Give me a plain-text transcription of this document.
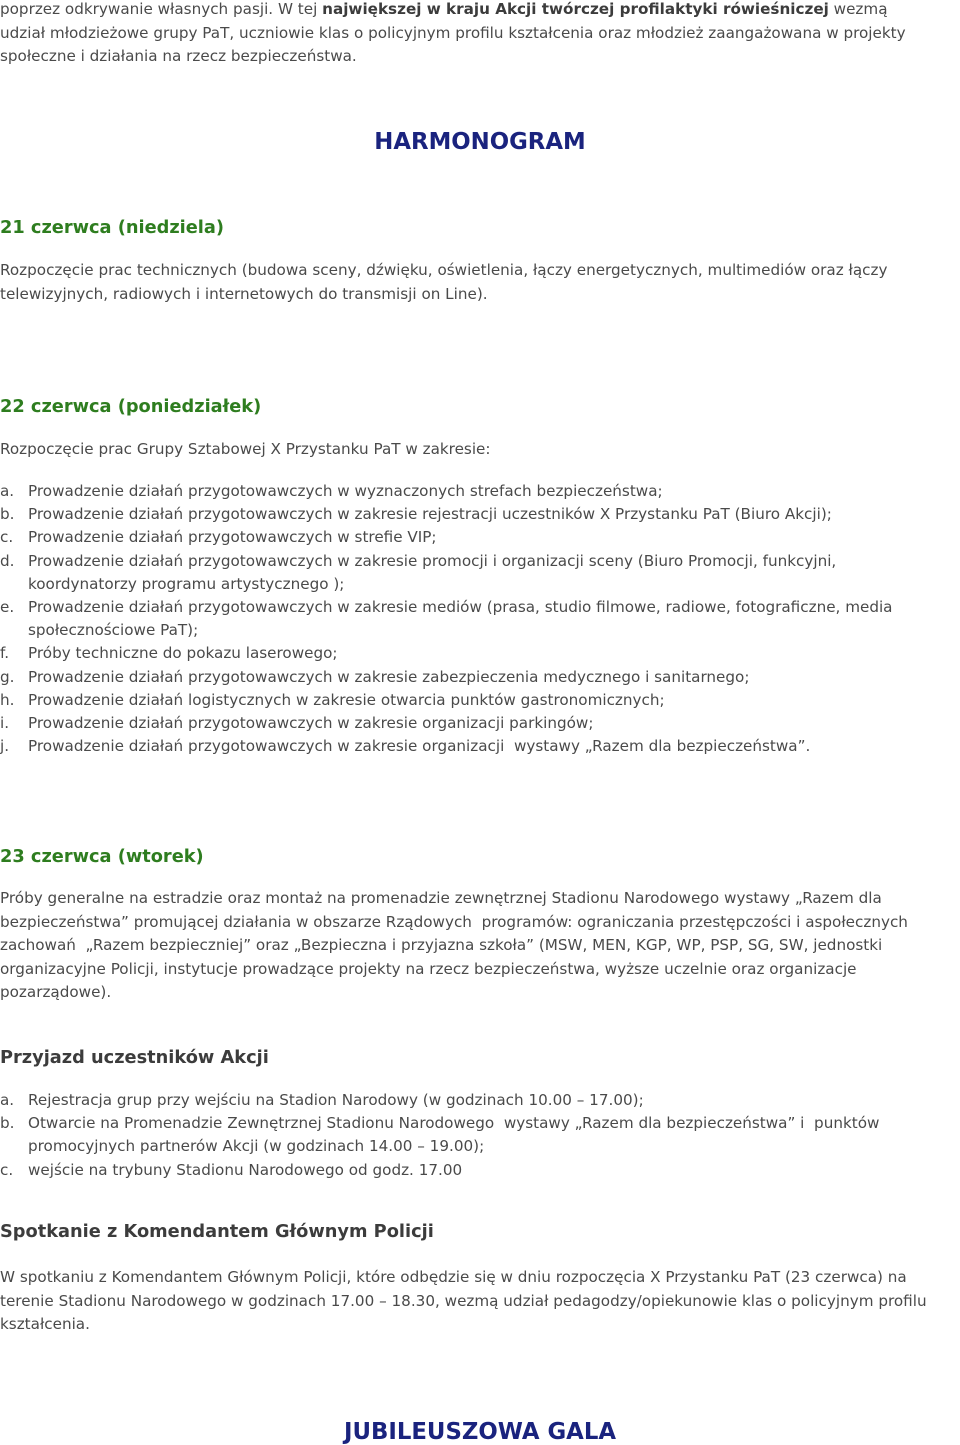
poprzez odkrywanie własnych pasji. W tej największej w kraju Akcji twórczej profilaktyki rówieśniczej wezmą
udział młodzieżowe grupy PaT, uczniowie klas o policyjnym profilu kształcenia oraz młodzież zaangażowana w projekty
społeczne i działania na rzecz bezpieczeństwa.
HARMONOGRAM
21 czerwca (niedziela)
Rozpoczęcie prac technicznych (budowa sceny, dźwięku, oświetlenia, łączy energetycznych, multimediów oraz łączy
telewizyjnych, radiowych i internetowych do transmisji on Line).
22 czerwca (poniedziałek)
Rozpoczęcie prac Grupy Sztabowej X Przystanku PaT w zakresie:
a. Prowadzenie działań przygotowawczych w wyznaczonych strefach bezpieczeństwa;
b. Prowadzenie działań przygotowawczych w zakresie rejestracji uczestników X Przystanku PaT (Biuro Akcji);
c. Prowadzenie działań przygotowawczych w strefie VIP;
d. Prowadzenie działań przygotowawczych w zakresie promocji i organizacji sceny (Biuro Promocji, funkcyjni,
koordynatorzy programu artystycznego );
e. Prowadzenie działań przygotowawczych w zakresie mediów (prasa, studio filmowe, radiowe, fotograficzne, media
społecznościowe PaT);
f.	Próby techniczne do pokazu laserowego;
g. Prowadzenie działań przygotowawczych w zakresie zabezpieczenia medycznego i sanitarnego;
h. Prowadzenie działań logistycznych w zakresie otwarcia punktów gastronomicznych;
i.	Prowadzenie działań przygotowawczych w zakresie organizacji parkingów;
j.	Prowadzenie działań przygotowawczych w zakresie organizacji  wystawy „Razem dla bezpieczeństwa”.
23 czerwca (wtorek)
Próby generalne na estradzie oraz montaż na promenadzie zewnętrznej Stadionu Narodowego wystawy „Razem dla
bezpieczeństwa” promującej działania w obszarze Rządowych  programów: ograniczania przestępczości i aspołecznych
zachowań  „Razem bezpieczniej” oraz „Bezpieczna i przyjazna szkoła” (MSW, MEN, KGP, WP, PSP, SG, SW, jednostki
organizacyjne Policji, instytucje prowadzące projekty na rzecz bezpieczeństwa, wyższe uczelnie oraz organizacje
pozarządowe).
Przyjazd uczestników Akcji
a. Rejestracja grup przy wejściu na Stadion Narodowy (w godzinach 10.00 – 17.00);
b. Otwarcie na Promenadzie Zewnętrznej Stadionu Narodowego  wystawy „Razem dla bezpieczeństwa” i  punktów
promocyjnych partnerów Akcji (w godzinach 14.00 – 19.00);
c. wejście na trybuny Stadionu Narodowego od godz. 17.00
Spotkanie z Komendantem Głównym Policji
W spotkaniu z Komendantem Głównym Policji, które odbędzie się w dniu rozpoczęcia X Przystanku PaT (23 czerwca) na
terenie Stadionu Narodowego w godzinach 17.00 – 18.30, wezmą udział pedagodzy/opiekunowie klas o policyjnym profilu
kształcenia.
JUBILEUSZOWA GALA
